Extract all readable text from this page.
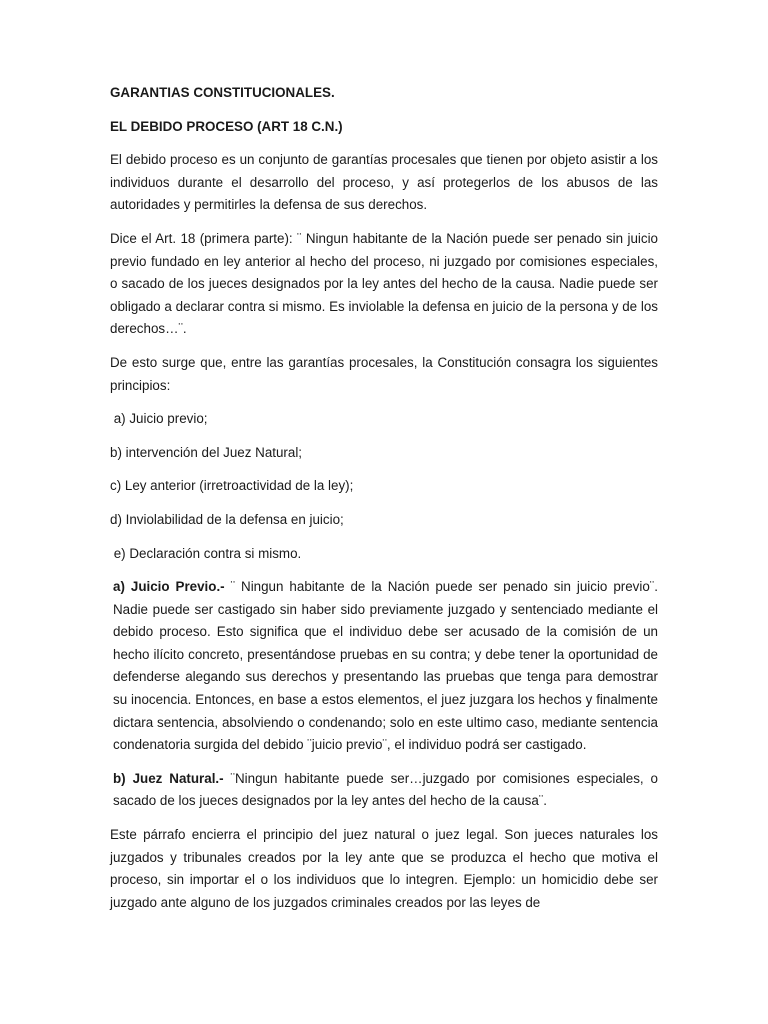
GARANTIAS CONSTITUCIONALES.
EL DEBIDO PROCESO (ART 18 C.N.)

El debido proceso es un conjunto de garantías procesales que tienen por objeto asistir a los individuos durante el desarrollo del proceso, y así protegerlos de los abusos de las autoridades y permitirles la defensa de sus derechos.

Dice el Art. 18 (primera parte): ¨ Ningun habitante de la Nación puede ser penado sin juicio previo fundado en ley anterior al hecho del proceso, ni juzgado por comisiones especiales, o sacado de los jueces designados por la ley antes del hecho de la causa. Nadie puede ser obligado a declarar contra si mismo. Es inviolable la defensa en juicio de la persona y de los derechos…¨.

De esto surge que, entre las garantías procesales, la Constitución consagra los siguientes principios:

a) Juicio previo;
b) intervención del Juez Natural;
c) Ley anterior (irretroactividad de la ley);
d) Inviolabilidad de la defensa en juicio;
e) Declaración contra si mismo.

a) Juicio Previo.- ¨ Ningun habitante de la Nación puede ser penado sin juicio previo¨. Nadie puede ser castigado sin haber sido previamente juzgado y sentenciado mediante el debido proceso. Esto significa que el individuo debe ser acusado de la comisión de un hecho ilícito concreto, presentándose pruebas en su contra; y debe tener la oportunidad de defenderse alegando sus derechos y presentando las pruebas que tenga para demostrar su inocencia. Entonces, en base a estos elementos, el juez juzgara los hechos y finalmente dictara sentencia, absolviendo o condenando; solo en este ultimo caso, mediante sentencia condenatoria surgida del debido ¨juicio previo¨, el individuo podrá ser castigado.

b) Juez Natural.- ¨Ningun habitante puede ser…juzgado por comisiones especiales, o sacado de los jueces designados por la ley antes del hecho de la causa¨.

Este párrafo encierra el principio del juez natural o juez legal. Son jueces naturales los juzgados y tribunales creados por la ley ante que se produzca el hecho que motiva el proceso, sin importar el o los individuos que lo integren. Ejemplo: un homicidio debe ser juzgado ante alguno de los juzgados criminales creados por las leyes de
